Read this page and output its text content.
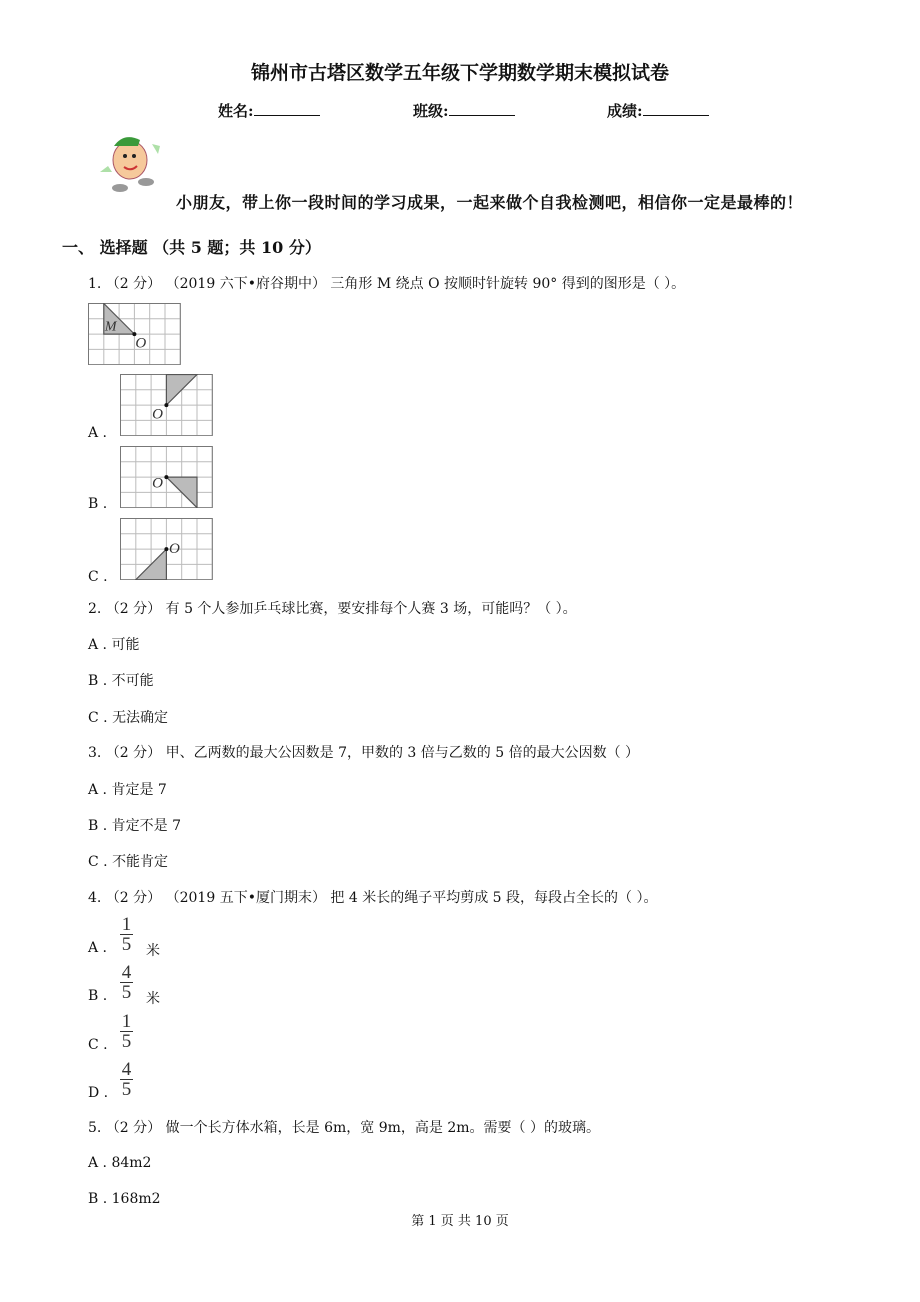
锦州市古塔区数学五年级下学期数学期末模拟试卷
姓名:	班级:	成绩:
小朋友，带上你一段时间的学习成果，一起来做个自我检测吧，相信你一定是最棒的！
一、 选择题 （共 5 题；共 10 分）
1. （2 分） （2019 六下•府谷期中） 三角形 M 绕点 O 按顺时针旋转 90° 得到的图形是（ ）。
O
M
A .
O
B .
O
C .
O
2. （2 分） 有 5 个人参加乒乓球比赛，要安排每个人赛 3 场，可能吗？（ ）。
A . 可能
B . 不可能
C . 无法确定
3. （2 分） 甲、乙两数的最大公因数是 7，甲数的 3 倍与乙数的 5 倍的最大公因数（ ）
A . 肯定是 7
B . 肯定不是 7
C . 不能肯定
4. （2 分） （2019 五下•厦门期末） 把 4 米长的绳子平均剪成 5 段，每段占全长的（ ）。
A .
1
5 米
B .
4
5 米
C .
1
5
D .
4
5
5. （2 分） 做一个长方体水箱，长是 6m，宽 9m，高是 2m。需要（ ）的玻璃。
A . 84m2
B . 168m2
第 1 页 共 10 页
